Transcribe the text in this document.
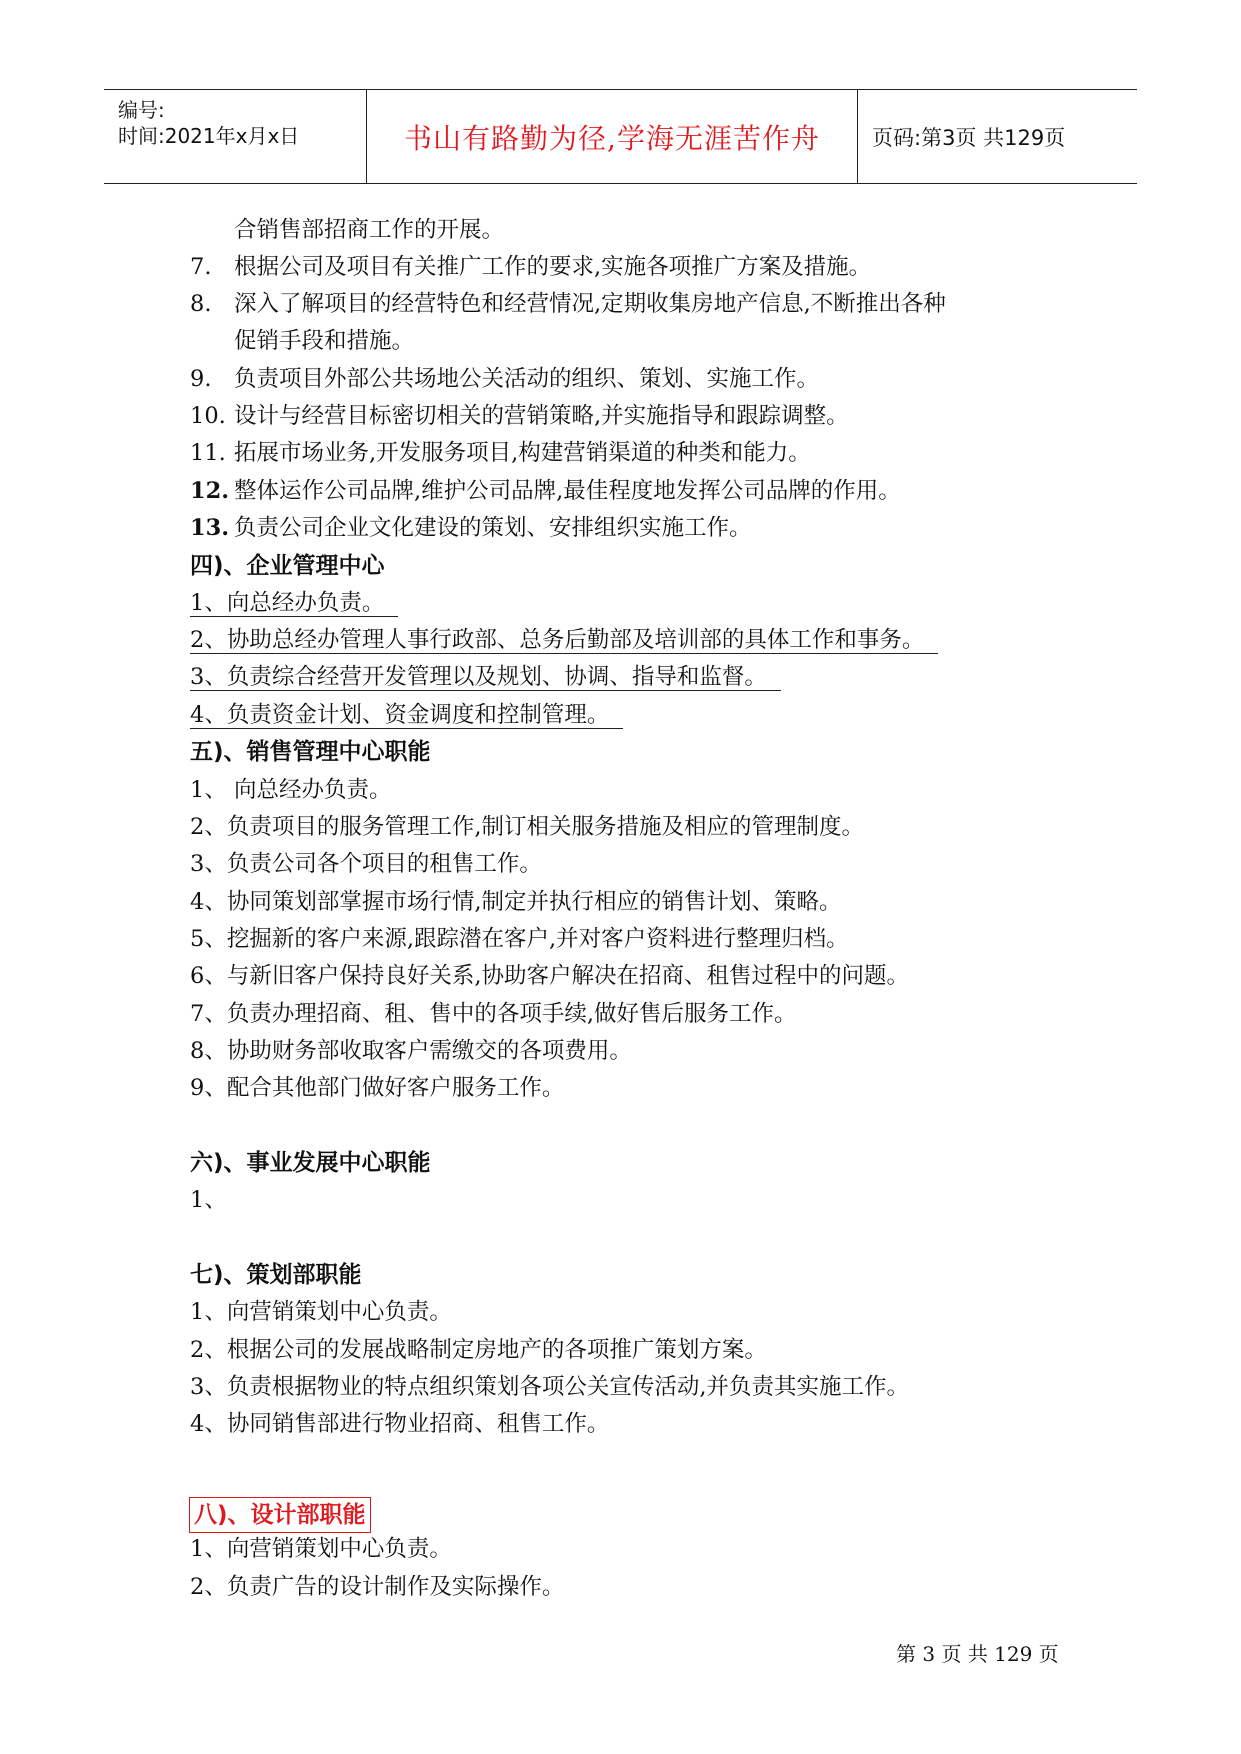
编号:
时间:2021年x月x日	书山有路勤为径,学海无涯苦作舟	页码:第3页 共129页
合销售部招商工作的开展。
7. 根据公司及项目有关推广工作的要求,实施各项推广方案及措施。
8. 深入了解项目的经营特色和经营情况,定期收集房地产信息,不断推出各种
促销手段和措施。
9. 负责项目外部公共场地公关活动的组织、策划、实施工作。
10. 设计与经营目标密切相关的营销策略,并实施指导和跟踪调整。
11. 拓展市场业务,开发服务项目,构建营销渠道的种类和能力。
12. 整体运作公司品牌,维护公司品牌,最佳程度地发挥公司品牌的作用。
13. 负责公司企业文化建设的策划、安排组织实施工作。
四)、企业管理中心
1、向总经办负责。
2、协助总经办管理人事行政部、总务后勤部及培训部的具体工作和事务。
3、负责综合经营开发管理以及规划、协调、指导和监督。
4、负责资金计划、资金调度和控制管理。
五)、销售管理中心职能
1、 向总经办负责。
2、负责项目的服务管理工作,制订相关服务措施及相应的管理制度。
3、负责公司各个项目的租售工作。
4、协同策划部掌握市场行情,制定并执行相应的销售计划、策略。
5、挖掘新的客户来源,跟踪潜在客户,并对客户资料进行整理归档。
6、与新旧客户保持良好关系,协助客户解决在招商、租售过程中的问题。
7、负责办理招商、租、售中的各项手续,做好售后服务工作。
8、协助财务部收取客户需缴交的各项费用。
9、配合其他部门做好客户服务工作。
六)、事业发展中心职能
1、
七)、策划部职能
1、向营销策划中心负责。
2、根据公司的发展战略制定房地产的各项推广策划方案。
3、负责根据物业的特点组织策划各项公关宣传活动,并负责其实施工作。
4、协同销售部进行物业招商、租售工作。
八)、设计部职能
1、向营销策划中心负责。
2、负责广告的设计制作及实际操作。
第 3 页 共 129 页
